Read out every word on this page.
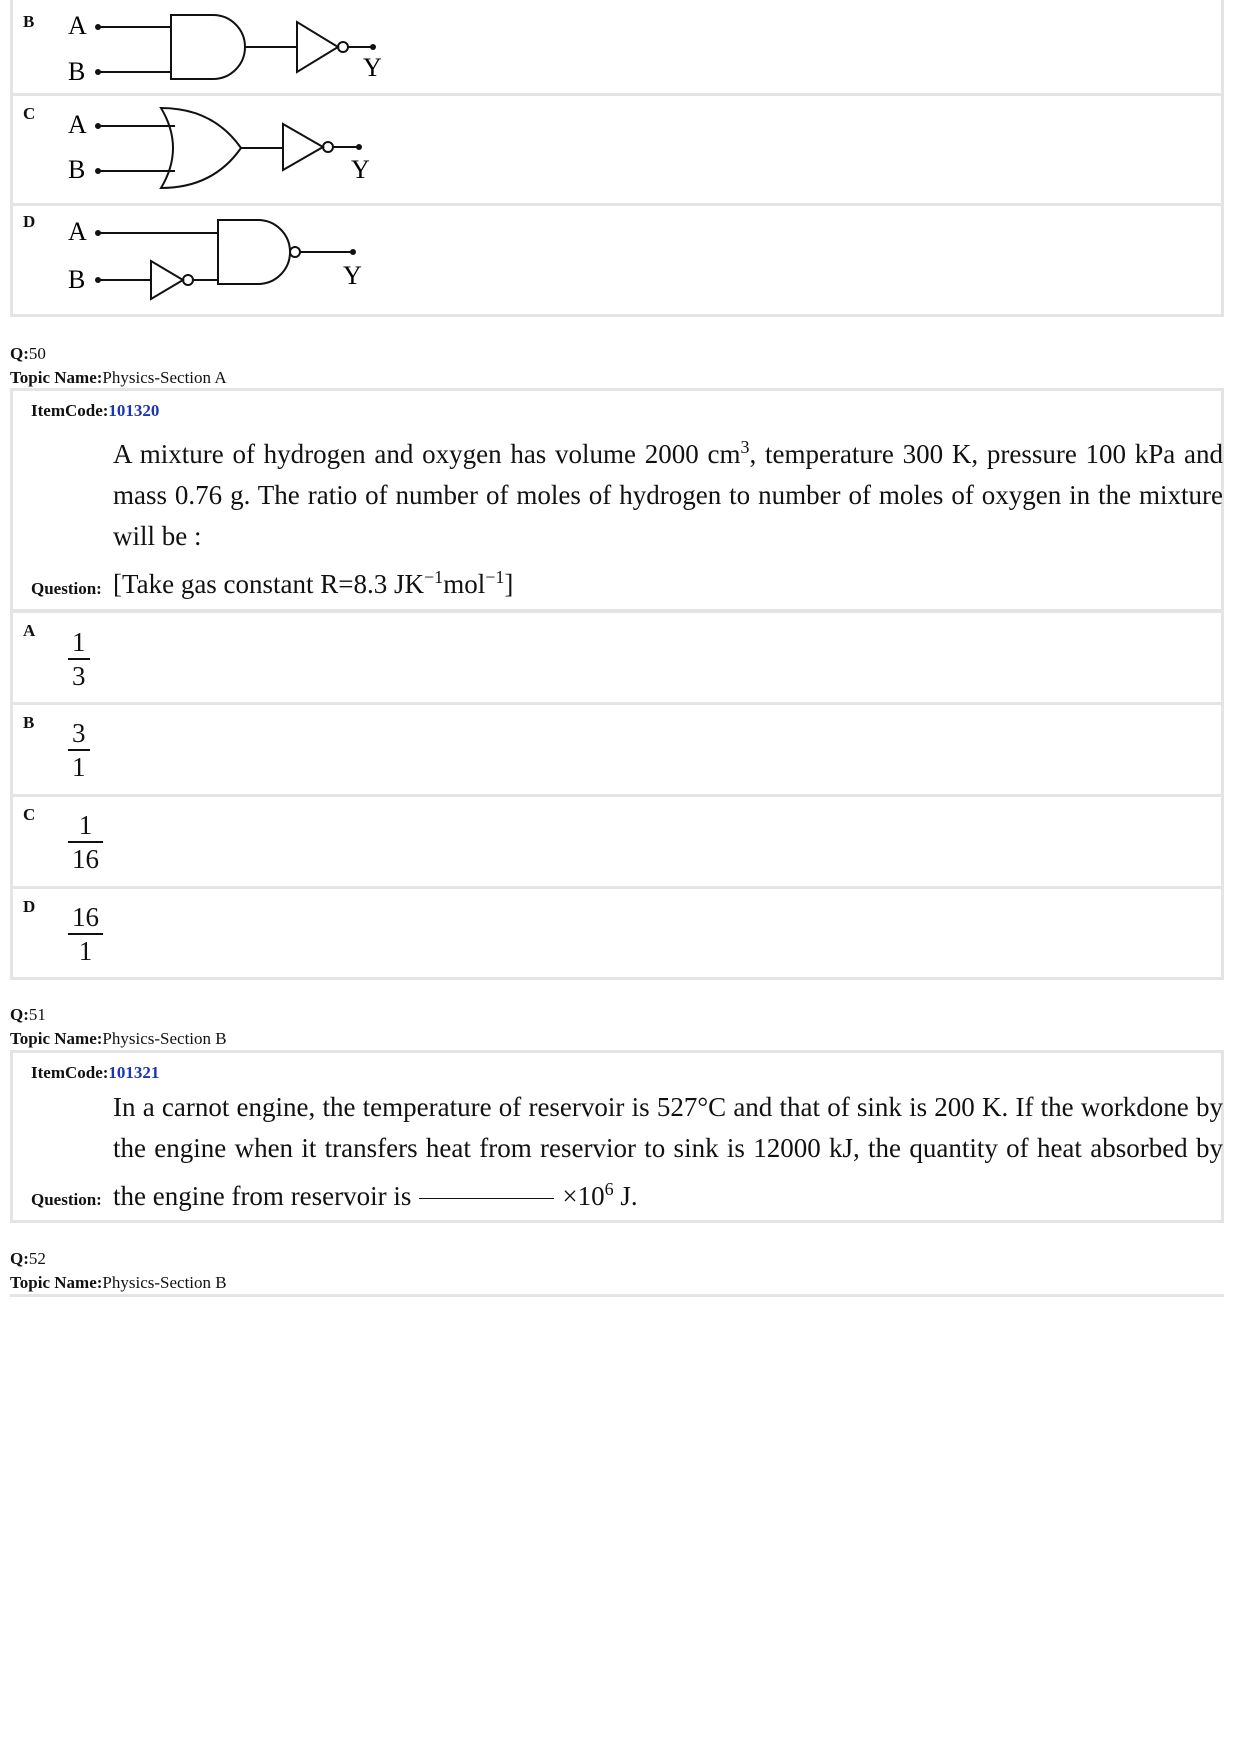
B A
B	Y
C A
B	Y
D A
B	Y
Q:50
Topic Name:Physics-Section A
ItemCode:101320
A mixture of hydrogen and oxygen has volume 2000 $cm^3$, temperature 300 K, pressure 100 kPa and mass 0.76 g. The ratio of number of moles of hydrogen to number of moles of oxygen in the mixture will be :
[Take gas constant R=8.3 $JK^{-1}mol^{-1}$]
Question:
A 1
3
B 3
1
C 1
16
D 16
1
Q:51
Topic Name:Physics-Section B
ItemCode:101321
In a carnot engine, the temperature of reservoir is 527°C and that of sink is 200 K. If the workdone by the engine when it transfers heat from reservior to sink is 12000 kJ, the quantity of heat absorbed by the engine from reservoir is	$\times 10^6$ J.
Question:
Q:52
Topic Name:Physics-Section B
